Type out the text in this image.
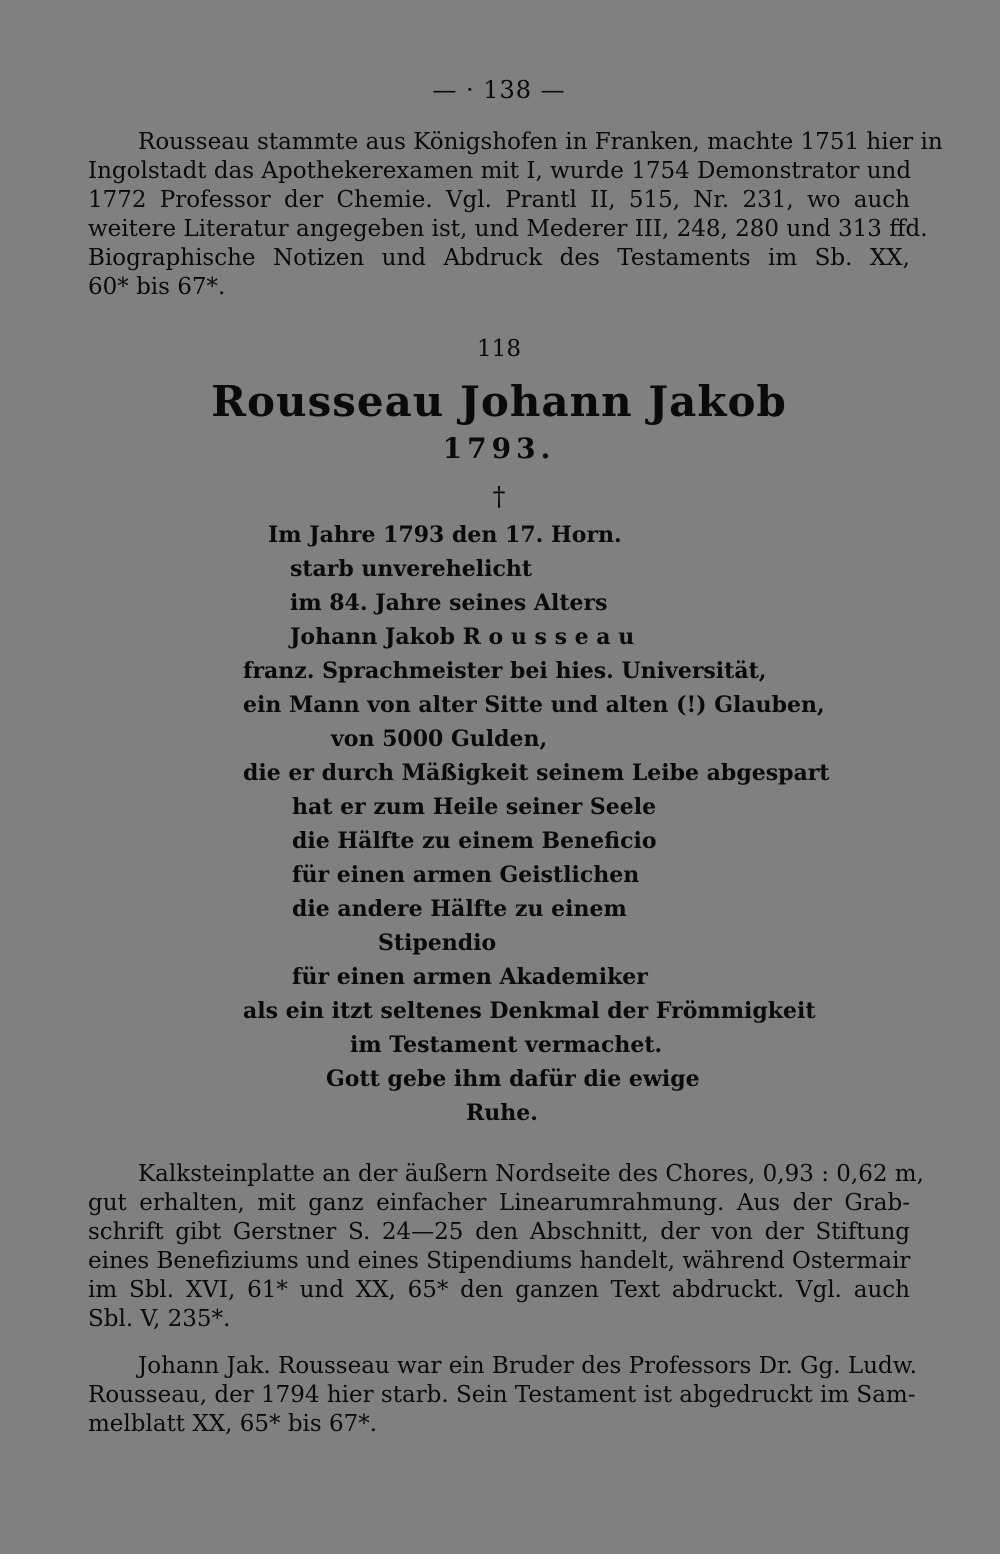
— · 138 —
Rousseau stammte aus Königshofen in Franken, machte 1751 hier in
Ingolstadt das Apothekerexamen mit I, wurde 1754 Demonstrator und
1772 Professor der Chemie. Vgl. Prantl II, 515, Nr. 231, wo auch
weitere Literatur angegeben ist, und Mederer III, 248, 280 und 313 ffd.
Biographische Notizen und Abdruck des Testaments im Sb. XX,
60* bis 67*.
118
Rousseau Johann Jakob
1793.
†
Im Jahre 1793 den 17. Horn.
starb unverehelicht
im 84. Jahre seines Alters
Johann Jakob R o u s s e a u
franz. Sprachmeister bei hies. Universität,
ein Mann von alter Sitte und alten (!) Glauben,
von 5000 Gulden,
die er durch Mäßigkeit seinem Leibe abgespart
hat er zum Heile seiner Seele
die Hälfte zu einem Beneficio
für einen armen Geistlichen
die andere Hälfte zu einem
Stipendio
für einen armen Akademiker
als ein itzt seltenes Denkmal der Frömmigkeit
im Testament vermachet.
Gott gebe ihm dafür die ewige
Ruhe.
Kalksteinplatte an der äußern Nordseite des Chores, 0,93 : 0,62 m,
gut erhalten, mit ganz einfacher Linearumrahmung. Aus der Grab-
schrift gibt Gerstner S. 24—25 den Abschnitt, der von der Stiftung
eines Benefiziums und eines Stipendiums handelt, während Ostermair
im Sbl. XVI, 61* und XX, 65* den ganzen Text abdruckt. Vgl. auch
Sbl. V, 235*.
Johann Jak. Rousseau war ein Bruder des Professors Dr. Gg. Ludw.
Rousseau, der 1794 hier starb. Sein Testament ist abgedruckt im Sam-
melblatt XX, 65* bis 67*.
